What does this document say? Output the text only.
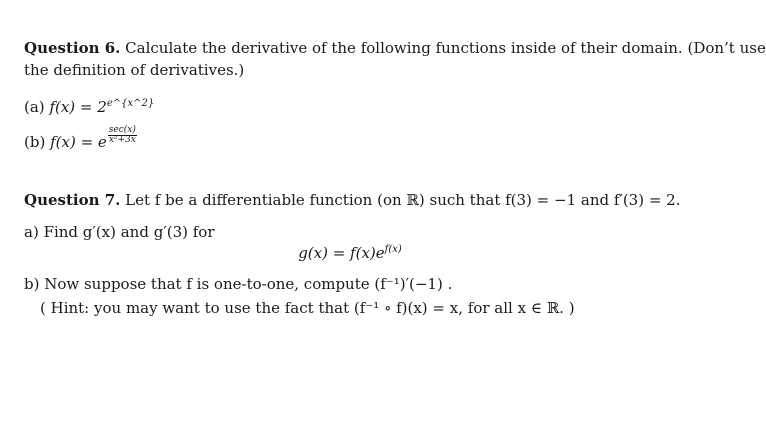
Question 6. Calculate the derivative of the following functions inside of their domain. (Don’t use
the definition of derivatives.)
(a) $f(x) = 2^{e\^{}\{x\^{}2\}}$
(b) f(x) = e $\frac{\sec(x)}{\text{x²+3x}}$
Question 7. Let f be a differentiable function (on ℝ) such that f(3) = −1 and f′(3) = 2.
a) Find g′(x) and g′(3) for
$g(x) = f(x)e^{f(x)}$
b) Now suppose that f is one-to-one, compute (f⁻¹)′(−1) .
( Hint: you may want to use the fact that (f⁻¹ ∘ f)(x) = x, for all x ∈ ℝ. )
